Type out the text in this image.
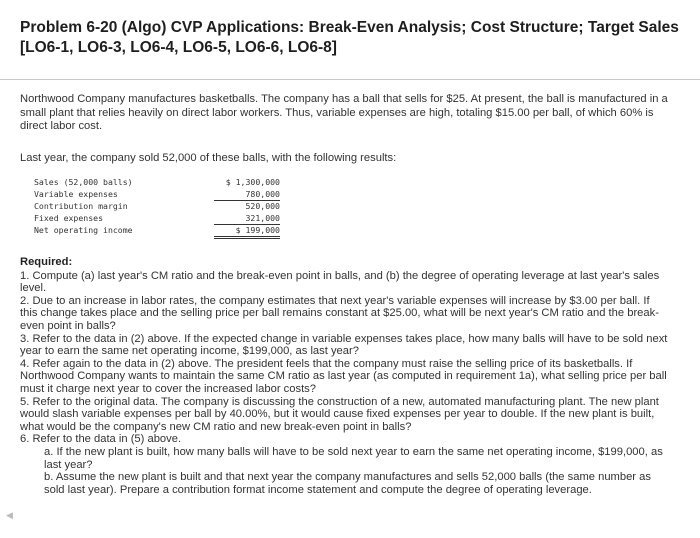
Problem 6-20 (Algo) CVP Applications: Break-Even Analysis; Cost Structure; Target Sales [LO6-1, LO6-3, LO6-4, LO6-5, LO6-6, LO6-8]
Northwood Company manufactures basketballs. The company has a ball that sells for $25. At present, the ball is manufactured in a small plant that relies heavily on direct labor workers. Thus, variable expenses are high, totaling $15.00 per ball, of which 60% is direct labor cost.
Last year, the company sold 52,000 of these balls, with the following results:
Sales (52,000 balls)	$ 1,300,000
Variable expenses	780,000
Contribution margin	520,000
Fixed expenses	321,000
Net operating income	$ 199,000
Required:
1. Compute (a) last year's CM ratio and the break-even point in balls, and (b) the degree of operating leverage at last year's sales level.
2. Due to an increase in labor rates, the company estimates that next year's variable expenses will increase by $3.00 per ball. If this change takes place and the selling price per ball remains constant at $25.00, what will be next year's CM ratio and the break-even point in balls?
3. Refer to the data in (2) above. If the expected change in variable expenses takes place, how many balls will have to be sold next year to earn the same net operating income, $199,000, as last year?
4. Refer again to the data in (2) above. The president feels that the company must raise the selling price of its basketballs. If Northwood Company wants to maintain the same CM ratio as last year (as computed in requirement 1a), what selling price per ball must it charge next year to cover the increased labor costs?
5. Refer to the original data. The company is discussing the construction of a new, automated manufacturing plant. The new plant would slash variable expenses per ball by 40.00%, but it would cause fixed expenses per year to double. If the new plant is built, what would be the company's new CM ratio and new break-even point in balls?
6. Refer to the data in (5) above.
a. If the new plant is built, how many balls will have to be sold next year to earn the same net operating income, $199,000, as last year?
b. Assume the new plant is built and that next year the company manufactures and sells 52,000 balls (the same number as sold last year). Prepare a contribution format income statement and compute the degree of operating leverage.
◀
